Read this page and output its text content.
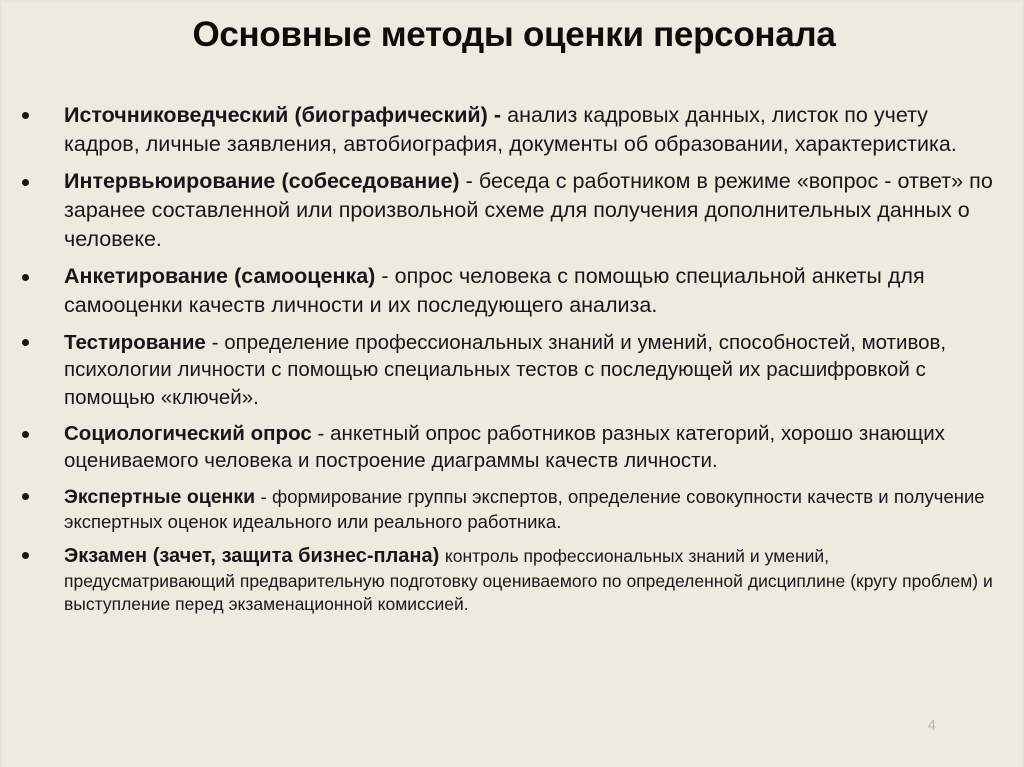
Основные методы оценки персонала
Источниковедческий (биографический) - анализ кадровых данных, листок по учету кадров, личные заявления, автобиография, документы об образовании, характеристика.
Интервьюирование (собеседование) - беседа с работником в режиме «вопрос - ответ» по заранее составленной или произвольной схеме для получения дополнительных данных о человеке.
Анкетирование (самооценка) - опрос человека с помощью специальной анкеты для самооценки качеств личности и их последующего анализа.
Тестирование - определение профессиональных знаний и умений, способностей, мотивов, психологии личности с помощью специальных тестов с последующей их расшифровкой с помощью «ключей».
Социологический опрос - анкетный опрос работников разных категорий, хорошо знающих оцениваемого человека и построение диаграммы качеств личности.
Экспертные оценки - формирование группы экспертов, определение совокупности качеств и получение экспертных оценок идеального или реального работника.
Экзамен (зачет, защита бизнес-плана) контроль профессиональных знаний и умений, предусматривающий предварительную подготовку оцениваемого по определенной дисциплине (кругу проблем) и выступление перед экзаменационной комиссией.
4
